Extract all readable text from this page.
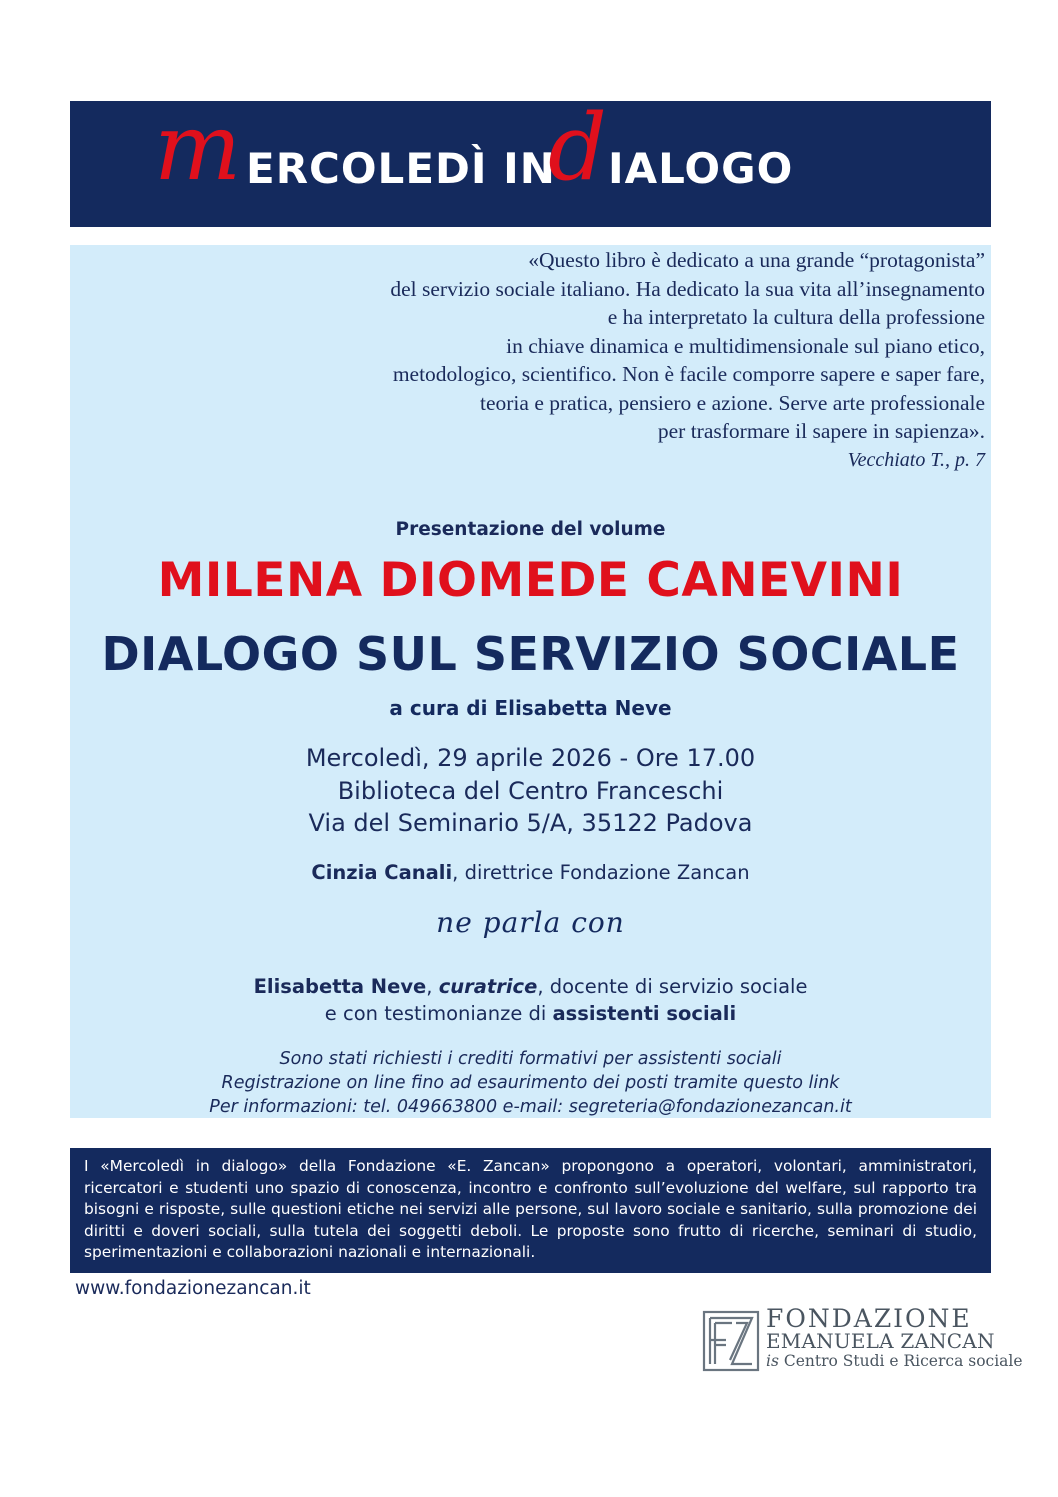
m ERCOLEDÌ IN
d IALOGO
«Questo libro è dedicato a una grande “protagonista”
del servizio sociale italiano. Ha dedicato la sua vita all’insegnamento
e ha interpretato la cultura della professione
in chiave dinamica e multidimensionale sul piano etico,
metodologico, scientifico. Non è facile comporre sapere e saper fare,
teoria e pratica, pensiero e azione. Serve arte professionale
per trasformare il sapere in sapienza».
Vecchiato T., p. 7
Presentazione del volume
MILENA DIOMEDE CANEVINI
DIALOGO SUL SERVIZIO SOCIALE
a cura di Elisabetta Neve
Mercoledì, 29 aprile 2026 - Ore 17.00
Biblioteca del Centro Franceschi
Via del Seminario 5/A, 35122 Padova
Cinzia Canali, direttrice Fondazione Zancan
ne parla con
Elisabetta Neve, curatrice, docente di servizio sociale
e con testimonianze di assistenti sociali
Sono stati richiesti i crediti formativi per assistenti sociali
Registrazione on line fino ad esaurimento dei posti tramite questo link
Per informazioni: tel. 049663800 e-mail: segreteria@fondazionezancan.it
I «Mercoledì in dialogo» della Fondazione «E. Zancan» propongono a operatori, volontari, amministratori, ricercatori e studenti uno spazio di conoscenza, incontro e confronto sull’evoluzione del welfare, sul rapporto tra bisogni e risposte, sulle questioni etiche nei servizi alle persone, sul lavoro sociale e sanitario, sulla promozione dei diritti e doveri sociali, sulla tutela dei soggetti deboli. Le proposte sono frutto di ricerche, seminari di studio, sperimentazioni e collaborazioni nazionali e internazionali.
www.fondazionezancan.it
FONDAZIONE
EMANUELA ZANCAN
is Centro Studi e Ricerca sociale
